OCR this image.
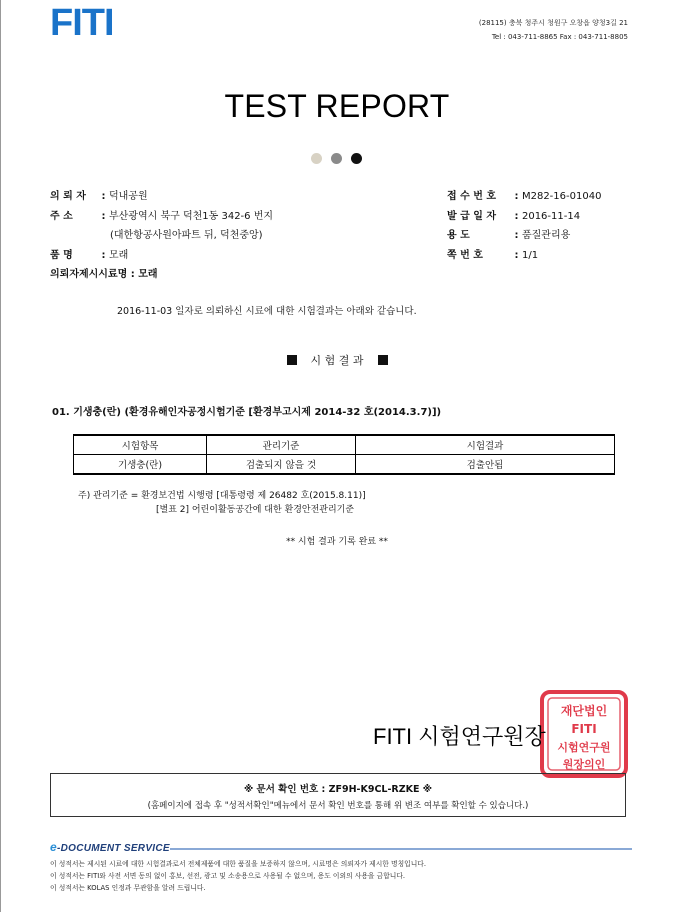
FITI	(28115) 충북 청주시 청원구 오창읍 양청3길 21
Tel : 043-711-8865 Fax : 043-711-8805
TEST REPORT
의 뢰 자 : 덕내공원
주 소	: 부산광역시 북구 덕천1동 342-6 번지
(대한항공사원아파트 뒤, 덕천중앙)
품 명	: 모래
의뢰자제시시료명 : 모래
접 수 번 호 : M282-16-01040
발 급 일 자 : 2016-11-14
용 도	: 품질관리용
쪽 번 호	: 1/1
2016-11-03 일자로 의뢰하신 시료에 대한 시험결과는 아래와 같습니다.
시 험 결 과
01. 기생충(란) (환경유해인자공정시험기준 [환경부고시제 2014-32 호(2014.3.7)])
시험항목	관리기준	시험결과
기생충(란)	검출되지 않을 것	검출안됨
주) 관리기준 = 환경보건법 시행령 [대통령령 제 26482 호(2015.8.11)]
[별표 2] 어린이활동공간에 대한 환경안전관리기준
** 시험 결과 기록 완료 **
재단법인
FITI
시험연구원
원장의인
FITI 시험연구원장
※ 문서 확인 번호 : ZF9H-K9CL-RZKE ※
(홈페이지에 접속 후 "성적서확인"메뉴에서 문서 확인 번호를 통해 위 변조 여부를 확인할 수 있습니다.)
e-DOCUMENT SERVICE
이 성적서는 제시된 시료에 대한 시험결과로서 전체제품에 대한 품질을 보증하지 않으며, 시료명은 의뢰자가 제시한 명칭입니다.
이 성적서는 FITI와 사전 서면 동의 없이 홍보, 선전, 광고 및 소송용으로 사용될 수 없으며, 용도 이외의 사용을 금합니다.
이 성적서는 KOLAS 인정과 무관함을 알려 드립니다.
